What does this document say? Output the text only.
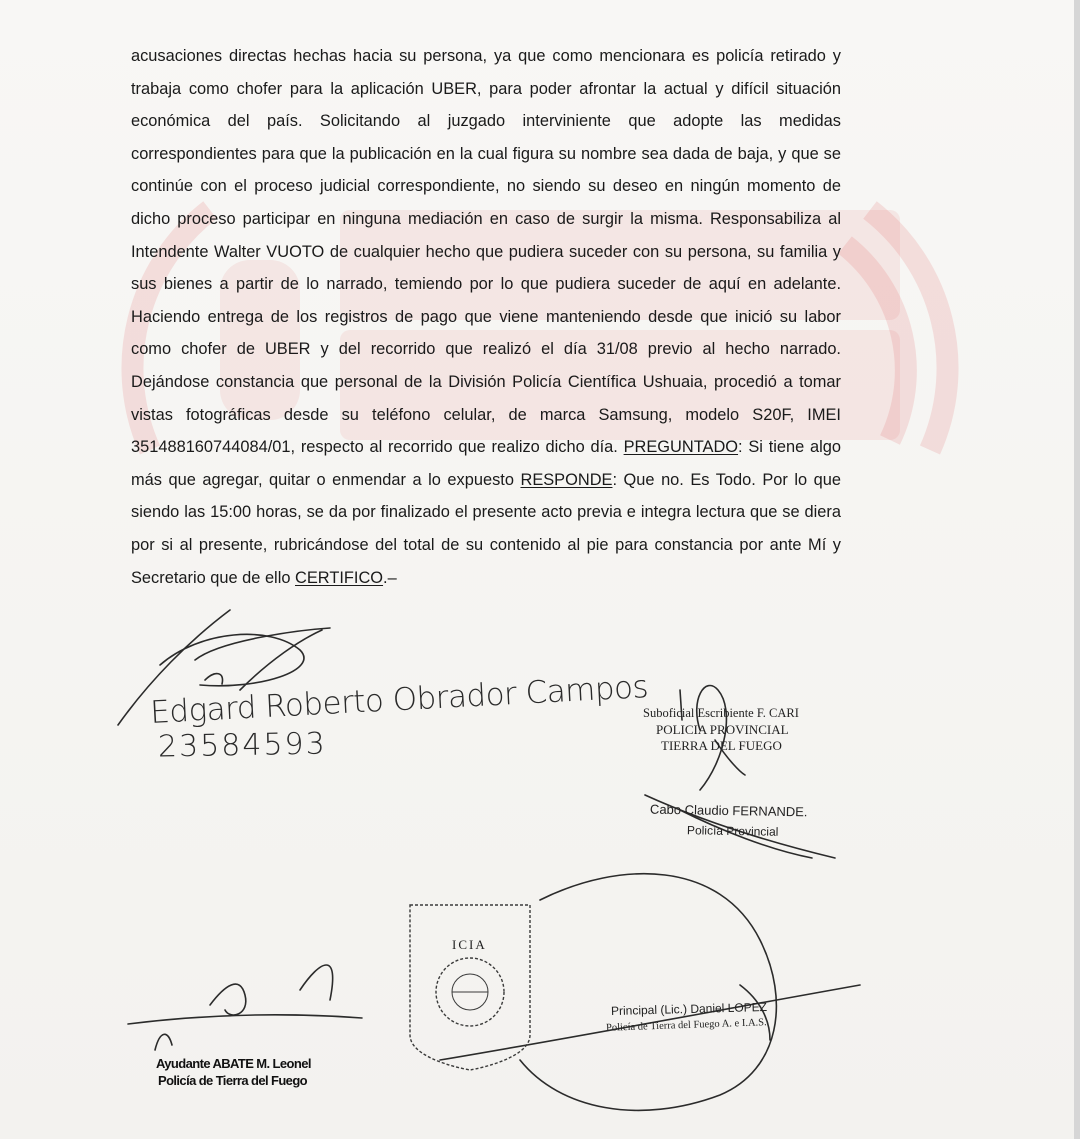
acusaciones directas hechas hacia su persona, ya que como mencionara es policía retirado y trabaja como chofer para la aplicación UBER, para poder afrontar la actual y difícil situación económica del país. Solicitando al juzgado interviniente que adopte las medidas correspondientes para que la publicación en la cual figura su nombre sea dada de baja, y que se continúe con el proceso judicial correspondiente, no siendo su deseo en ningún momento de dicho proceso participar en ninguna mediación en caso de surgir la misma. Responsabiliza al Intendente Walter VUOTO de cualquier hecho que pudiera suceder con su persona, su familia y sus bienes a partir de lo narrado, temiendo por lo que pudiera suceder de aquí en adelante. Haciendo entrega de los registros de pago que viene manteniendo desde que inició su labor como chofer de UBER y del recorrido que realizó el día 31/08 previo al hecho narrado. Dejándose constancia que personal de la División Policía Científica Ushuaia, procedió a tomar vistas fotográficas desde su teléfono celular, de marca Samsung, modelo S20F, IMEI 351488160744084/01, respecto al recorrido que realizo dicho día. PREGUNTADO: Si tiene algo más que agregar, quitar o enmendar a lo expuesto RESPONDE: Que no. Es Todo. Por lo que siendo las 15:00 horas, se da por finalizado el presente acto previa e integra lectura que se diera por si al presente, rubricándose del total de su contenido al pie para constancia por ante Mí y Secretario que de ello CERTIFICO.–

Edgard Roberto Obrador Campos
23584593
Suboficial Escribiente F. CARI
POLICIA PROVINCIAL
TIERRA DEL FUEGO
Cabo Claudio FERNANDE.
Policía Provincial
ICIA
Ayudante ABATE M. Leonel
Policía de Tierra del Fuego
Principal (Lic.) Daniel LOPEZ
Policía de Tierra del Fuego A. e I.A.S.
